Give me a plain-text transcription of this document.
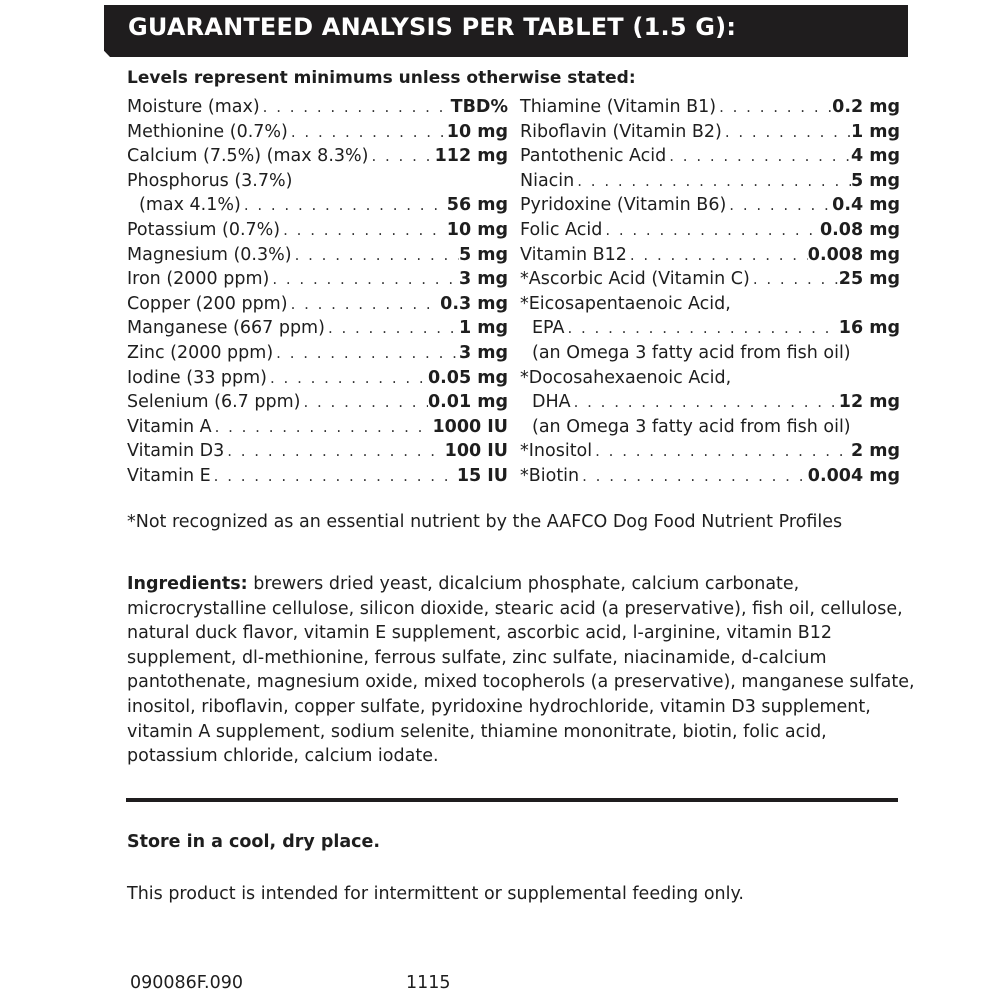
GUARANTEED ANALYSIS PER TABLET (1.5 G):
Levels represent minimums unless otherwise stated:
Moisture (max) . . .	TBD%
Methionine (0.7%) . . .	10 mg
Calcium (7.5%) (max 8.3%) . . .	112 mg
Phosphorus (3.7%)
(max 4.1%) . . .	56 mg
Potassium (0.7%) . . .	10 mg
Magnesium (0.3%) . . .	5 mg
Iron (2000 ppm) . . .	3 mg
Copper (200 ppm) . . .	0.3 mg
Manganese (667 ppm) . . .	1 mg
Zinc (2000 ppm) . . .	3 mg
Iodine (33 ppm) . . .	0.05 mg
Selenium (6.7 ppm) . . .	0.01 mg
Vitamin A . . .	1000 IU
Vitamin D3 . . .	100 IU
Vitamin E . . .	15 IU
Thiamine (Vitamin B1) . . .	0.2 mg
Riboflavin (Vitamin B2) . . .	1 mg
Pantothenic Acid . . .	4 mg
Niacin . . .	5 mg
Pyridoxine (Vitamin B6) . . .	0.4 mg
Folic Acid . . .	0.08 mg
Vitamin B12 . . .	0.008 mg
*Ascorbic Acid (Vitamin C) . . .	25 mg
*Eicosapentaenoic Acid,
EPA . . .	16 mg
(an Omega 3 fatty acid from fish oil)
*Docosahexaenoic Acid,
DHA . . .	12 mg
(an Omega 3 fatty acid from fish oil)
*Inositol . . .	2 mg
*Biotin . . .	0.004 mg
*Not recognized as an essential nutrient by the AAFCO Dog Food Nutrient Profiles
Ingredients: brewers dried yeast, dicalcium phosphate, calcium carbonate, microcrystalline cellulose, silicon dioxide, stearic acid (a preservative), fish oil, cellulose, natural duck flavor, vitamin E supplement, ascorbic acid, l-arginine, vitamin B12 supplement, dl-methionine, ferrous sulfate, zinc sulfate, niacinamide, d-calcium pantothenate, magnesium oxide, mixed tocopherols (a preservative), manganese sulfate, inositol, riboflavin, copper sulfate, pyridoxine hydrochloride, vitamin D3 supplement, vitamin A supplement, sodium selenite, thiamine mononitrate, biotin, folic acid, potassium chloride, calcium iodate.
Store in a cool, dry place.
This product is intended for intermittent or supplemental feeding only.
090086F.090	1115
